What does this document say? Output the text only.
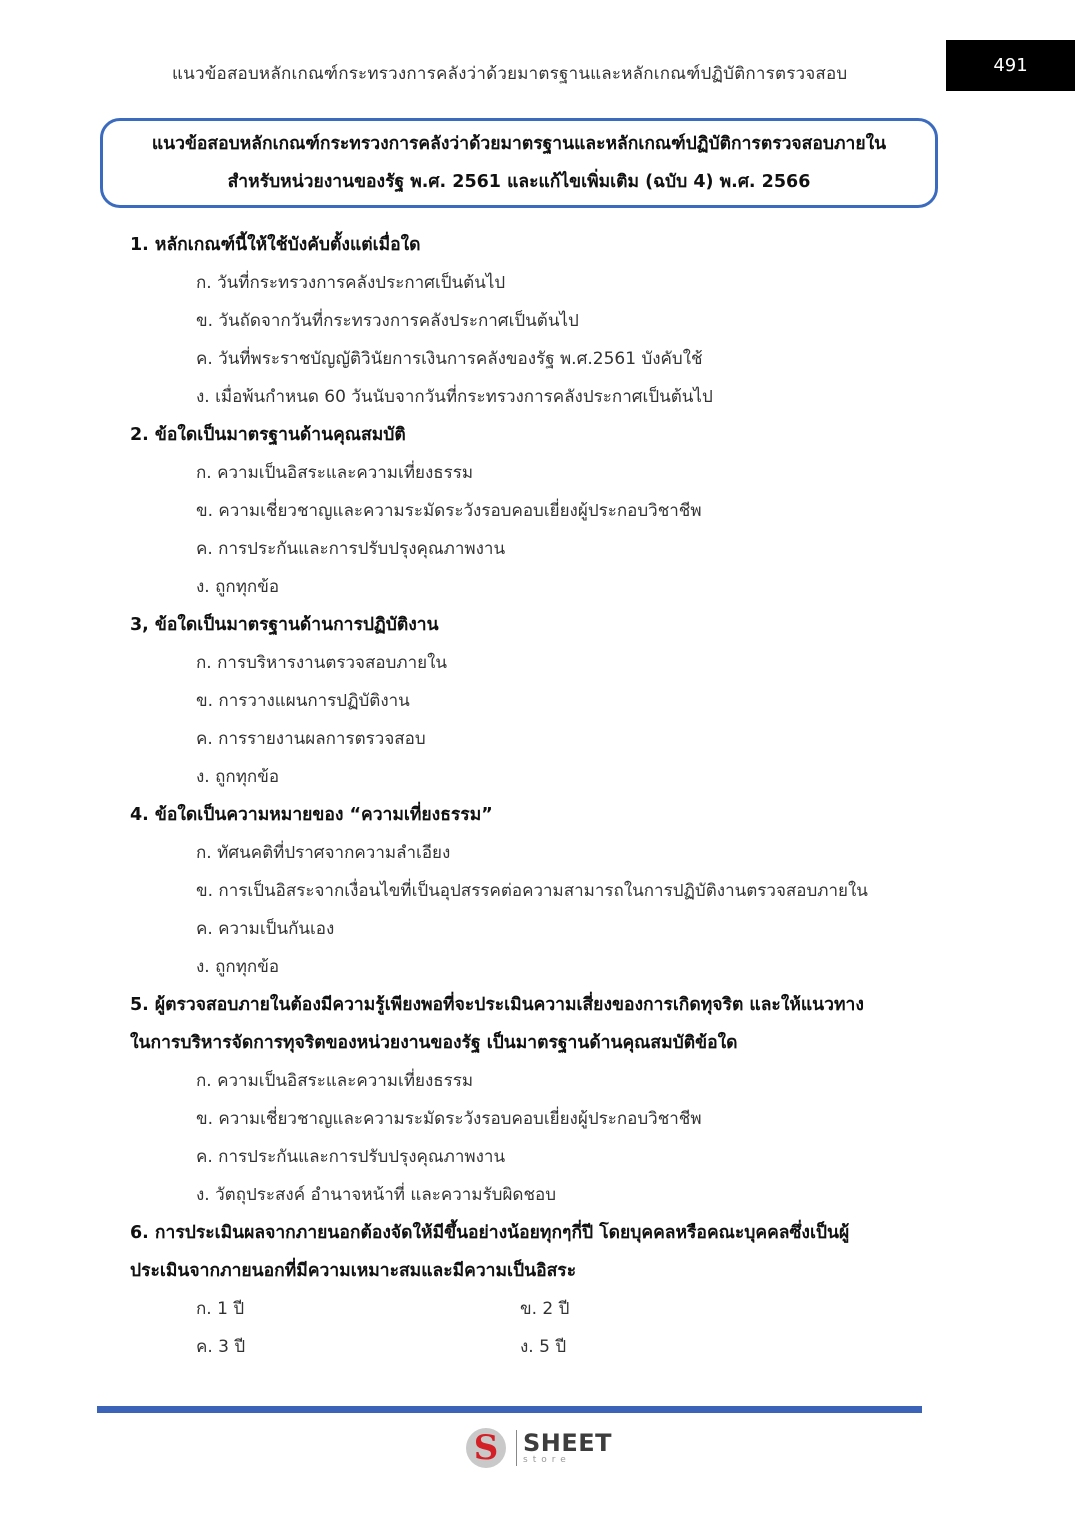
แนวข้อสอบหลักเกณฑ์กระทรวงการคลังว่าด้วยมาตรฐานและหลักเกณฑ์ปฏิบัติการตรวจสอบ	491
แนวข้อสอบหลักเกณฑ์กระทรวงการคลังว่าด้วยมาตรฐานและหลักเกณฑ์ปฏิบัติการตรวจสอบภายใน
สำหรับหน่วยงานของรัฐ พ.ศ. 2561 และแก้ไขเพิ่มเติม (ฉบับ 4) พ.ศ. 2566
1. หลักเกณฑ์นี้ให้ใช้บังคับตั้งแต่เมื่อใด
ก. วันที่กระทรวงการคลังประกาศเป็นต้นไป
ข. วันถัดจากวันที่กระทรวงการคลังประกาศเป็นต้นไป
ค. วันที่พระราชบัญญัติวินัยการเงินการคลังของรัฐ พ.ศ.2561 บังคับใช้
ง. เมื่อพ้นกำหนด 60 วันนับจากวันที่กระทรวงการคลังประกาศเป็นต้นไป
2. ข้อใดเป็นมาตรฐานด้านคุณสมบัติ
ก. ความเป็นอิสระและความเที่ยงธรรม
ข. ความเชี่ยวชาญและความระมัดระวังรอบคอบเยี่ยงผู้ประกอบวิชาชีพ
ค. การประกันและการปรับปรุงคุณภาพงาน
ง. ถูกทุกข้อ
3, ข้อใดเป็นมาตรฐานด้านการปฏิบัติงาน
ก. การบริหารงานตรวจสอบภายใน
ข. การวางแผนการปฏิบัติงาน
ค. การรายงานผลการตรวจสอบ
ง. ถูกทุกข้อ
4. ข้อใดเป็นความหมายของ “ความเที่ยงธรรม”
ก. ทัศนคติที่ปราศจากความลำเอียง
ข. การเป็นอิสระจากเงื่อนไขที่เป็นอุปสรรคต่อความสามารถในการปฏิบัติงานตรวจสอบภายใน
ค. ความเป็นกันเอง
ง. ถูกทุกข้อ
5. ผู้ตรวจสอบภายในต้องมีความรู้เพียงพอที่จะประเมินความเสี่ยงของการเกิดทุจริต และให้แนวทาง
ในการบริหารจัดการทุจริตของหน่วยงานของรัฐ เป็นมาตรฐานด้านคุณสมบัติข้อใด
ก. ความเป็นอิสระและความเที่ยงธรรม
ข. ความเชี่ยวชาญและความระมัดระวังรอบคอบเยี่ยงผู้ประกอบวิชาชีพ
ค. การประกันและการปรับปรุงคุณภาพงาน
ง. วัตถุประสงค์ อำนาจหน้าที่ และความรับผิดชอบ
6. การประเมินผลจากภายนอกต้องจัดให้มีขึ้นอย่างน้อยทุกๆกี่ปี โดยบุคคลหรือคณะบุคคลซึ่งเป็นผู้
ประเมินจากภายนอกที่มีความเหมาะสมและมีความเป็นอิสระ
ก. 1 ปี	ข. 2 ปี
ค. 3 ปี	ง. 5 ปี
S SHEET
store
